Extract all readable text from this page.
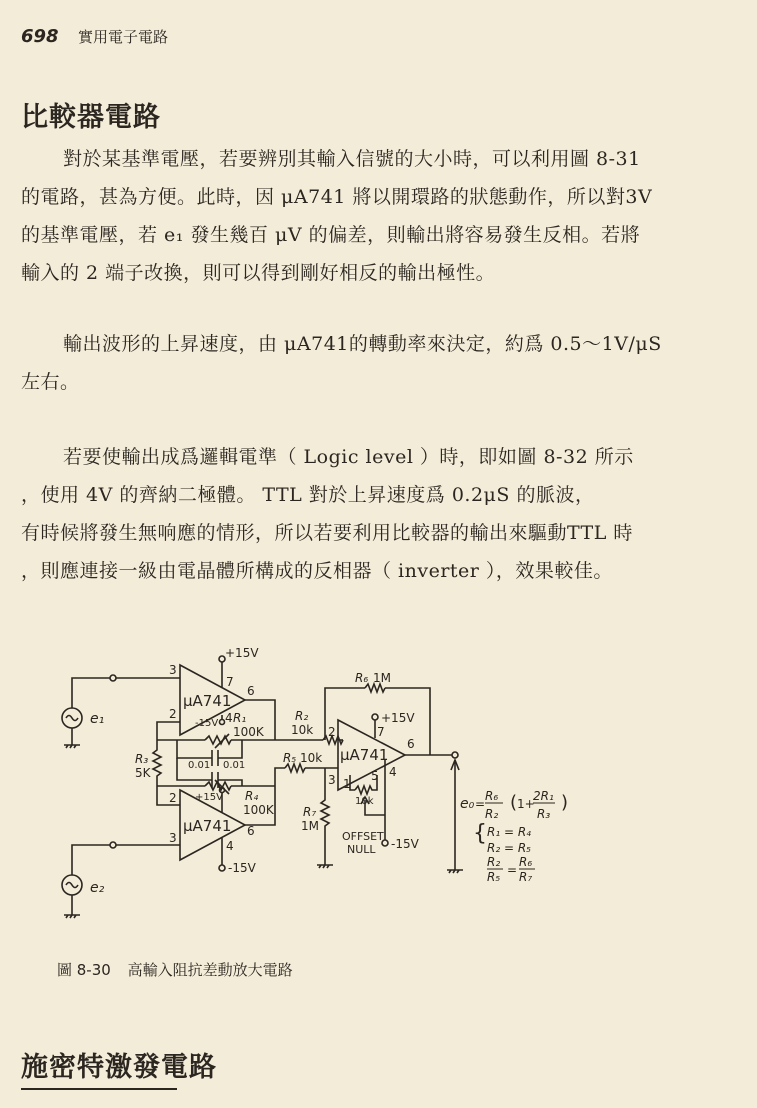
698 實用電子電路
比較器電路
對於某基準電壓，若要辨別其輸入信號的大小時，可以利用圖 8-31
的電路，甚為方便。此時，因 μA741 將以開環路的狀態動作，所以對3V
的基準電壓，若 e₁ 發生幾百 μV 的偏差，則輸出將容易發生反相。若將
輸入的 2 端子改換，則可以得到剛好相反的輸出極性。
輸出波形的上昇速度，由 μA741的轉動率來決定，約爲 0.5～1V/μS
左右。
若要使輸出成爲邏輯電準（ Logic level ）時，即如圖 8-32 所示
，使用 4V 的齊納二極體。 TTL 對於上昇速度爲 0.2μS 的脈波，
有時候將發生無响應的情形，所以若要利用比較器的輸出來驅動TTL 時
，則應連接一級由電晶體所構成的反相器（ inverter ），效果較佳。
+15V
μA741
3
2
7
6
4
-15V
e₁	R₁
100K
R₂
10k
R₃
5K
0.01 0.01
R₅ 10k
R₄
100K
+15V
μA741
2
3	6
4
-15V
e₂
R₆ 1M
+15V
μA741
2
3
7
6
4
5
1
10k
R₇
1M
OFFSET
NULL -15V
e₀ =
R₆
R₂
( 1+
2R₁
R₃
)
{ R₁ = R₄
R₂ = R₅
R₂
R₅ =
R₆
R₇
圖 8-30 高輸入阻抗差動放大電路
施密特激發電路
